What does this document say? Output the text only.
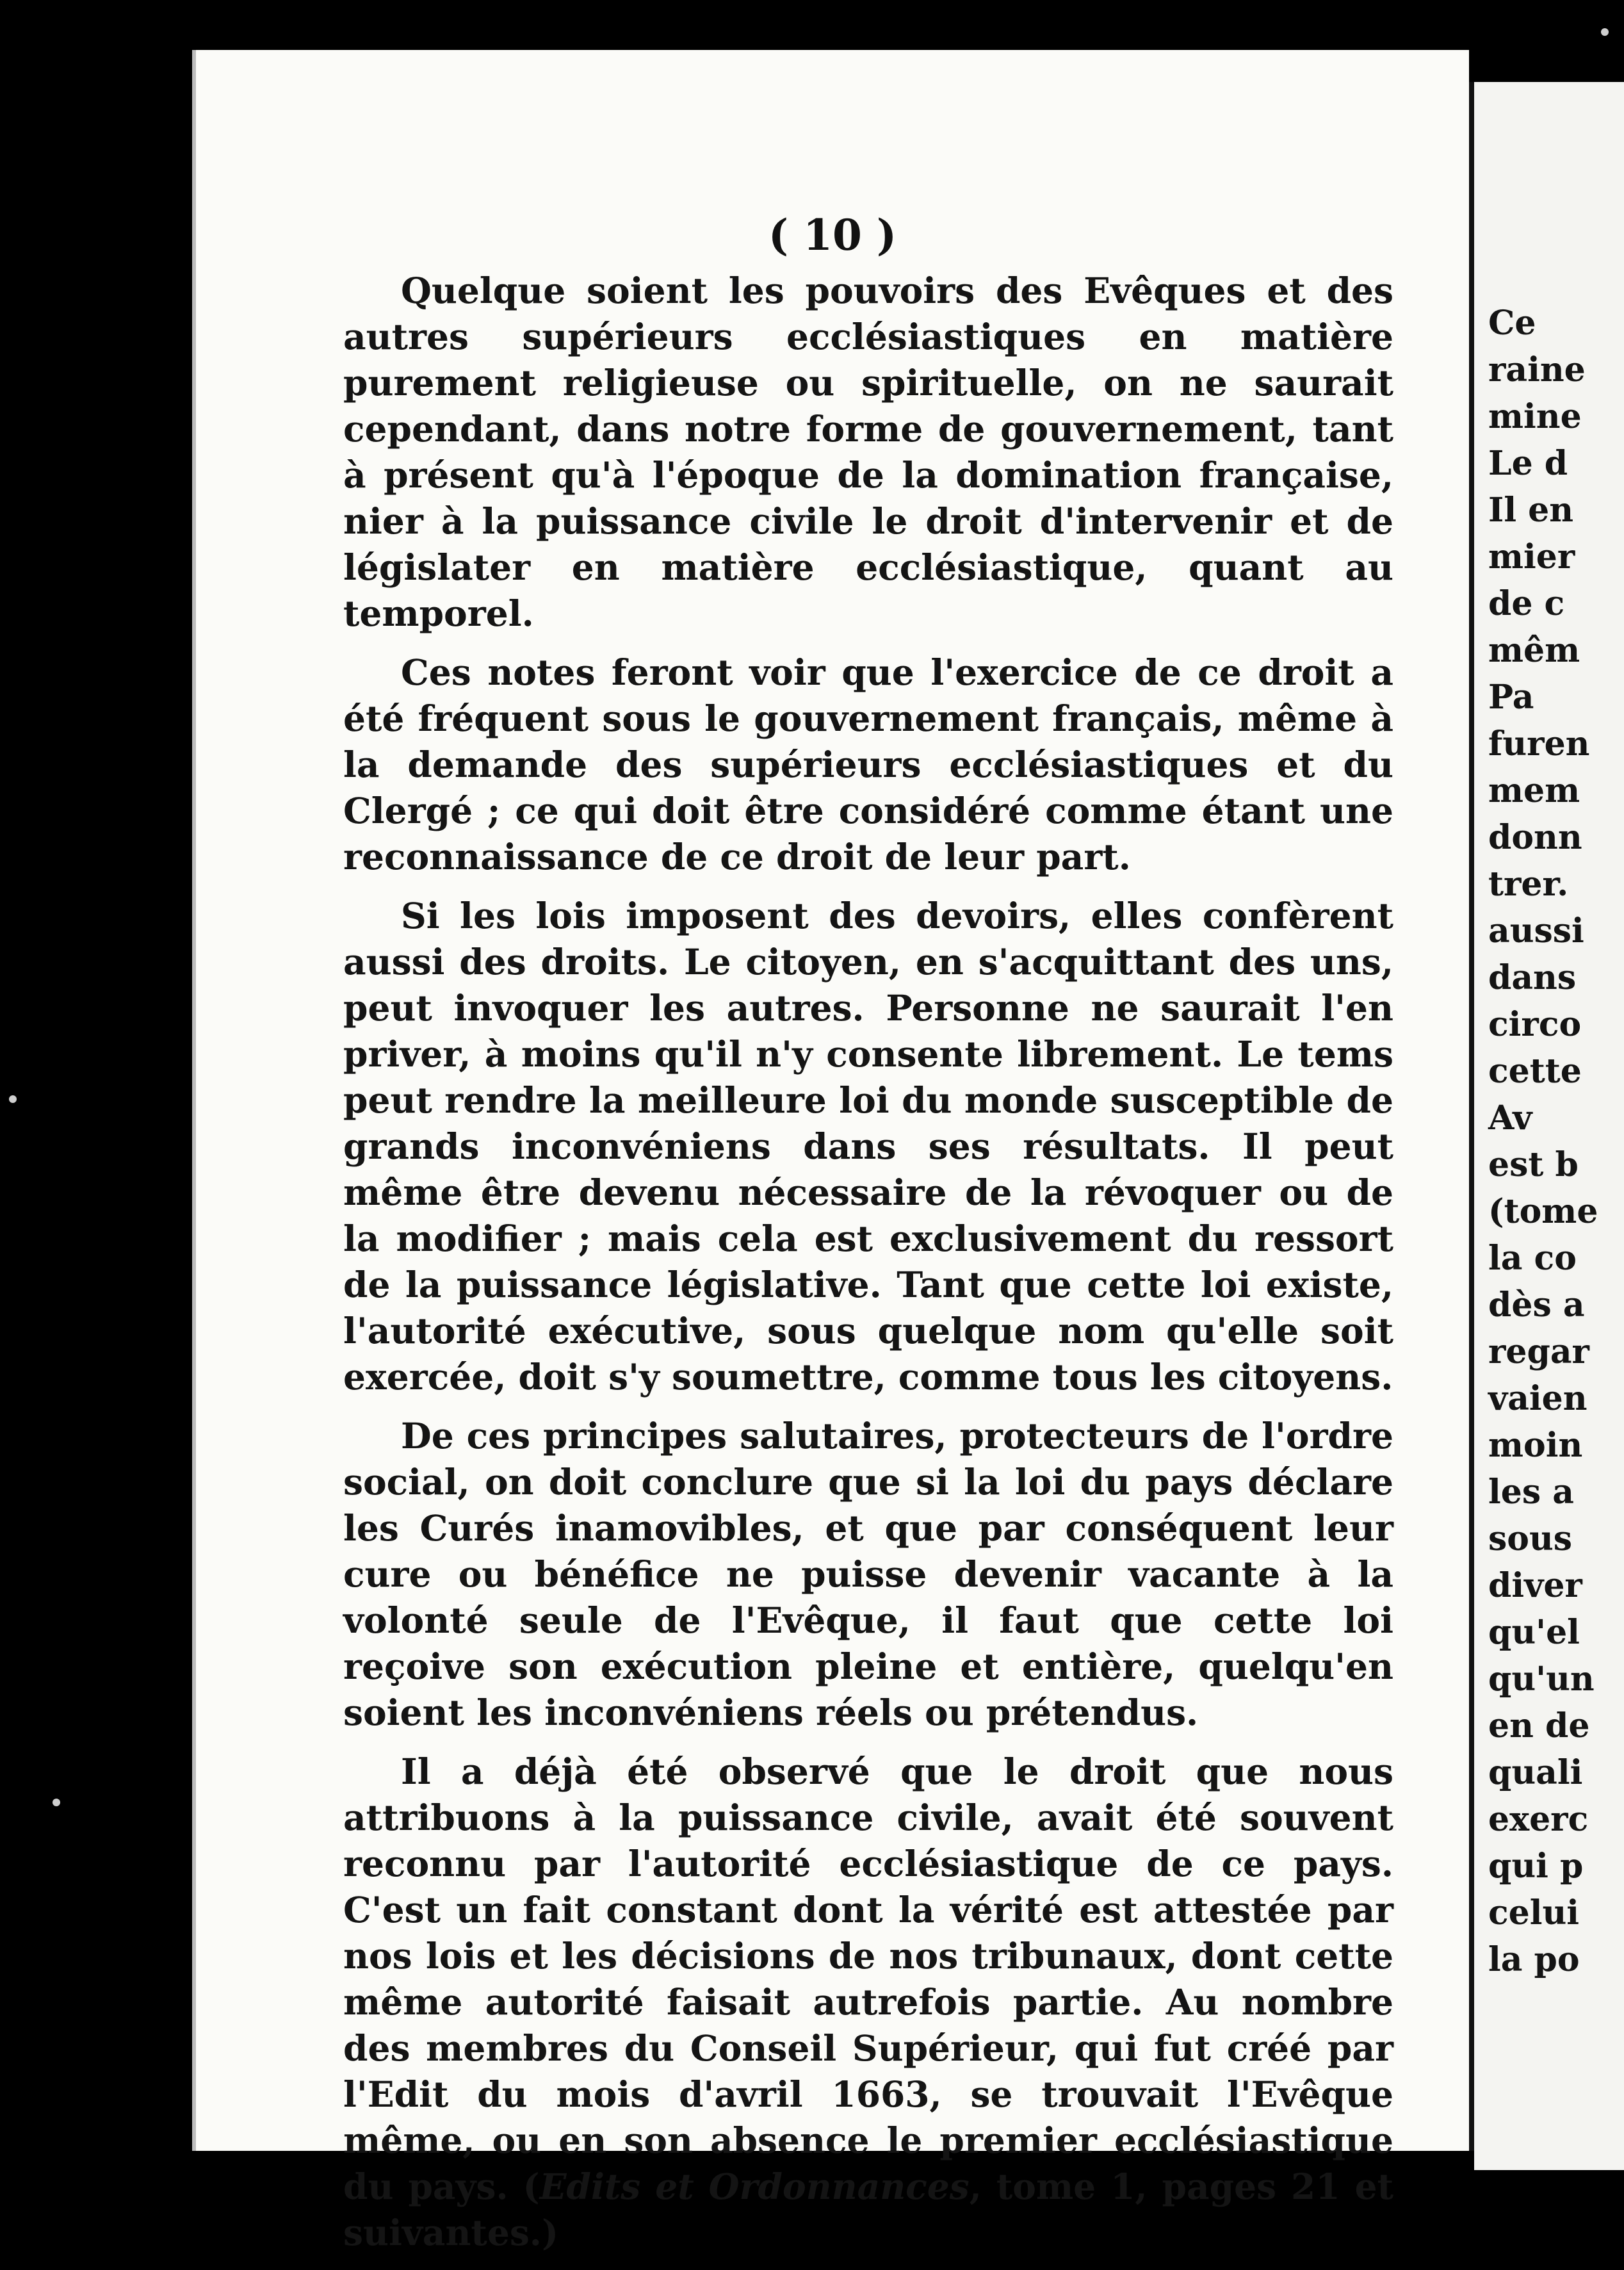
( 10 )

Quelque soient les pouvoirs des Evêques et des autres supérieurs ecclésiastiques en matière purement religieuse ou spirituelle, on ne saurait cependant, dans notre forme de gouvernement, tant à présent qu'à l'époque de la domination française, nier à la puissance civile le droit d'intervenir et de législater en matière ecclésiastique, quant au temporel.

Ces notes feront voir que l'exercice de ce droit a été fréquent sous le gouvernement français, même à la demande des supérieurs ecclésiastiques et du Clergé ; ce qui doit être considéré comme étant une reconnaissance de ce droit de leur part.

Si les lois imposent des devoirs, elles confèrent aussi des droits. Le citoyen, en s'acquittant des uns, peut invoquer les autres. Personne ne saurait l'en priver, à moins qu'il n'y consente librement. Le tems peut rendre la meilleure loi du monde susceptible de grands inconvéniens dans ses résultats. Il peut même être devenu nécessaire de la révoquer ou de la modifier ; mais cela est exclusivement du ressort de la puissance législative. Tant que cette loi existe, l'autorité exécutive, sous quelque nom qu'elle soit exercée, doit s'y soumettre, comme tous les citoyens.

De ces principes salutaires, protecteurs de l'ordre social, on doit conclure que si la loi du pays déclare les Curés inamovibles, et que par conséquent leur cure ou bénéfice ne puisse devenir vacante à la volonté seule de l'Evêque, il faut que cette loi reçoive son exécution pleine et entière, quelqu'en soient les inconvéniens réels ou prétendus.

Il a déjà été observé que le droit que nous attribuons à la puissance civile, avait été souvent reconnu par l'autorité ecclésiastique de ce pays. C'est un fait constant dont la vérité est attestée par nos lois et les décisions de nos tribunaux, dont cette même autorité faisait autrefois partie. Au nombre des membres du Conseil Supérieur, qui fut créé par l'Edit du mois d'avril 1663, se trouvait l'Evêque même, ou en son absence le premier ecclésiastique du pays. (Edits et Ordonnances, tome 1, pages 21 et suivantes.)

Ce
raine
mine
Le d
Il en
mier
de c
mêm
Pa
furen
mem
donn
trer.
aussi
dans
circo
cette
Av
est b
(tome
la co
dès a
regar
vaien
moin
les a
sous
diver
qu'el
qu'un
en de
quali
exerc
qui p
celui
la po
